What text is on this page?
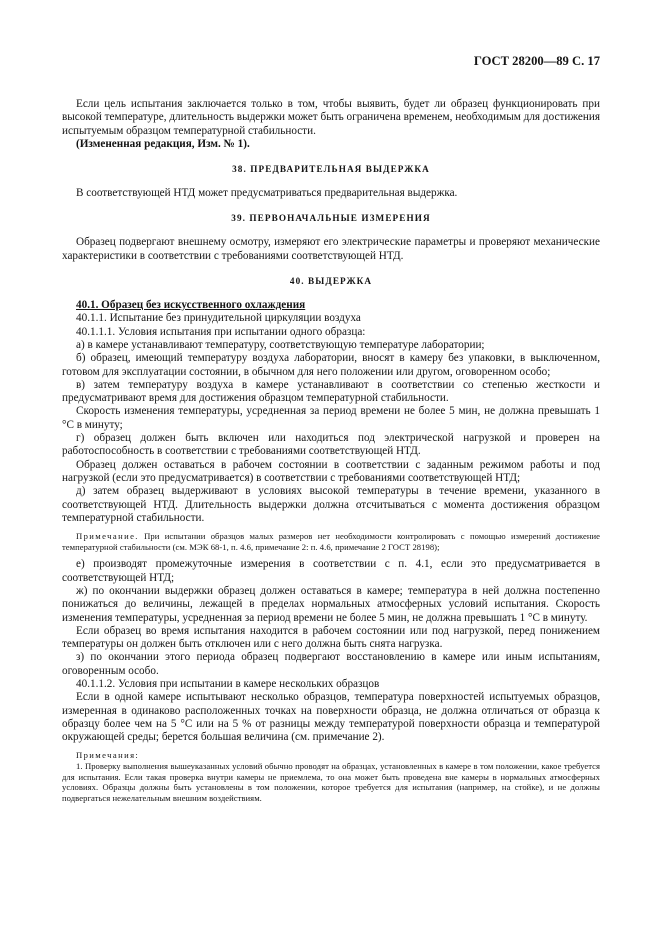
ГОСТ 28200—89 С. 17

Если цель испытания заключается только в том, чтобы выявить, будет ли образец функционировать при высокой температуре, длительность выдержки может быть ограничена временем, необходимым для достижения испытуемым образцом температурной стабильности.

(Измененная редакция, Изм. № 1).

38. ПРЕДВАРИТЕЛЬНАЯ ВЫДЕРЖКА

В соответствующей НТД может предусматриваться предварительная выдержка.

39. ПЕРВОНАЧАЛЬНЫЕ ИЗМЕРЕНИЯ

Образец подвергают внешнему осмотру, измеряют его электрические параметры и проверяют механические характеристики в соответствии с требованиями соответствующей НТД.

40. ВЫДЕРЖКА

40.1. Образец без искусственного охлаждения

40.1.1. Испытание без принудительной циркуляции воздуха

40.1.1.1. Условия испытания при испытании одного образца:

а) в камере устанавливают температуру, соответствующую температуре лаборатории;

б) образец, имеющий температуру воздуха лаборатории, вносят в камеру без упаковки, в выключенном, готовом для эксплуатации состоянии, в обычном для него положении или другом, оговоренном особо;

в) затем температуру воздуха в камере устанавливают в соответствии со степенью жесткости и предусматривают время для достижения образцом температурной стабильности.

Скорость изменения температуры, усредненная за период времени не более 5 мин, не должна превышать 1 °С в минуту;

г) образец должен быть включен или находиться под электрической нагрузкой и проверен на работоспособность в соответствии с требованиями соответствующей НТД.

Образец должен оставаться в рабочем состоянии в соответствии с заданным режимом работы и под нагрузкой (если это предусматривается) в соответствии с требованиями соответствующей НТД;

д) затем образец выдерживают в условиях высокой температуры в течение времени, указанного в соответствующей НТД. Длительность выдержки должна отсчитываться с момента достижения образцом температурной стабильности.

Примечание. При испытании образцов малых размеров нет необходимости контролировать с помощью измерений достижение температурной стабильности (см. МЭК 68-1, п. 4.6, примечание 2: п. 4.6, примечание 2 ГОСТ 28198);

е) производят промежуточные измерения в соответствии с п. 4.1, если это предусматривается в соответствующей НТД;

ж) по окончании выдержки образец должен оставаться в камере; температура в ней должна постепенно понижаться до величины, лежащей в пределах нормальных атмосферных условий испытания. Скорость изменения температуры, усредненная за период времени не более 5 мин, не должна превышать 1 °С в минуту.

Если образец во время испытания находится в рабочем состоянии или под нагрузкой, перед понижением температуры он должен быть отключен или с него должна быть снята нагрузка.

з) по окончании этого периода образец подвергают восстановлению в камере или иным испытаниям, оговоренным особо.

40.1.1.2. Условия при испытании в камере нескольких образцов

Если в одной камере испытывают несколько образцов, температура поверхностей испытуемых образцов, измеренная в одинаково расположенных точках на поверхности образца, не должна отличаться от образца к образцу более чем на 5 °С или на 5 % от разницы между температурой поверхности образца и температурой окружающей среды; берется большая величина (см. примечание 2).

Примечания:

1. Проверку выполнения вышеуказанных условий обычно проводят на образцах, установленных в камере в том положении, какое требуется для испытания. Если такая проверка внутри камеры не приемлема, то она может быть проведена вне камеры в нормальных атмосферных условиях. Образцы должны быть установлены в том положении, которое требуется для испытания (например, на стойке), и не должны подвергаться нежелательным внешним воздействиям.
